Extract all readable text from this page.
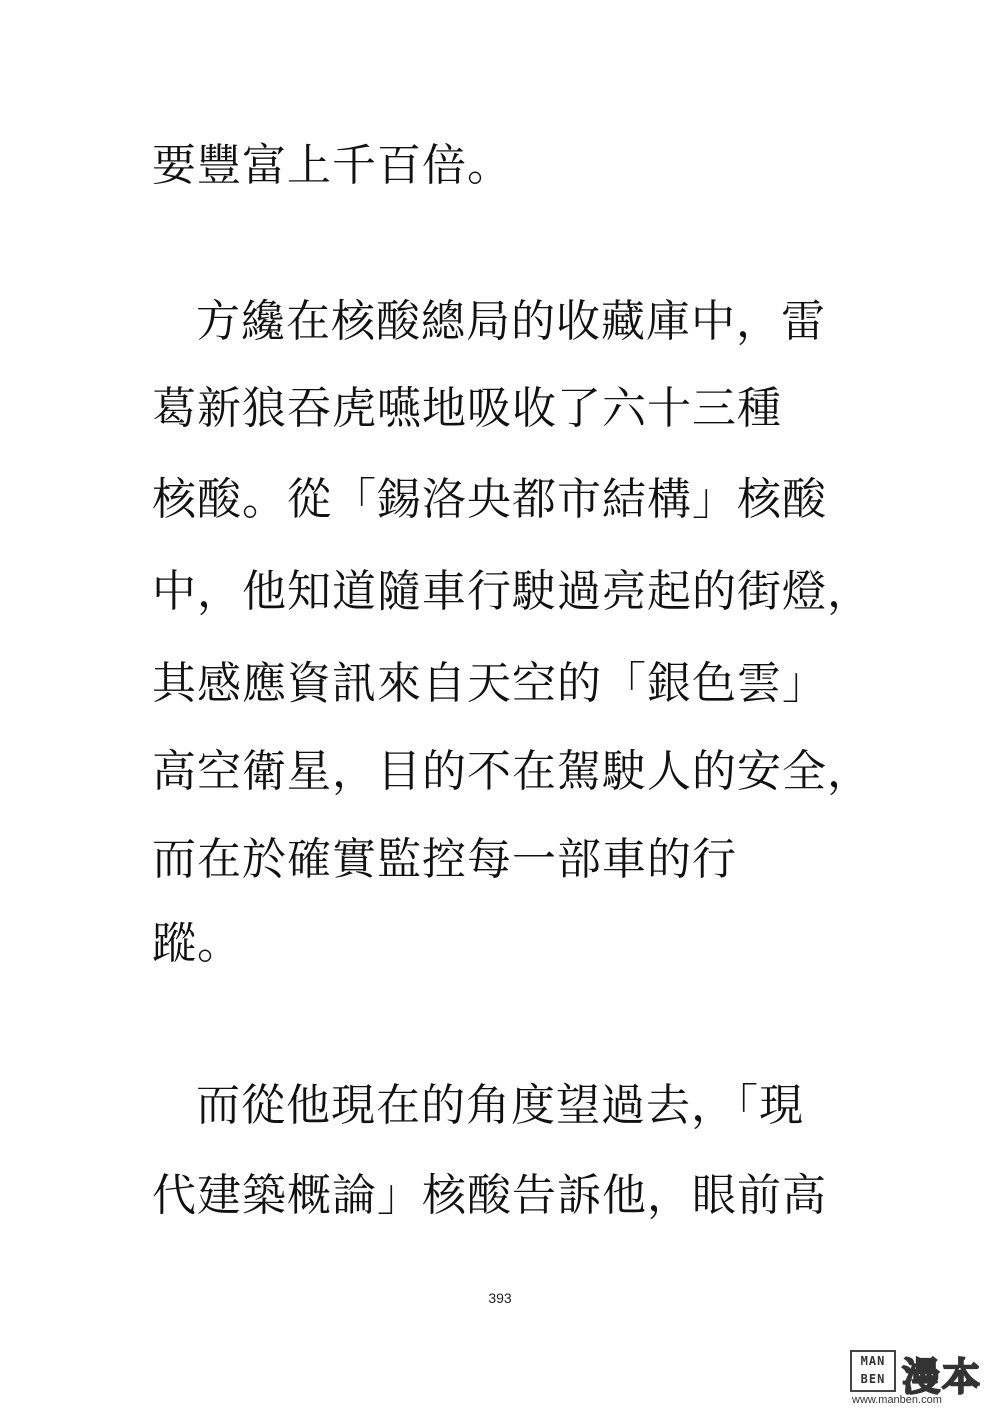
要豐富上千百倍。
方纔在核酸總局的收藏庫中，雷
葛新狼吞虎嚥地吸收了六十三種
核酸。從「錫洛央都市結構」核酸
中，他知道隨車行駛過亮起的街燈，
其感應資訊來自天空的「銀色雲」
高空衛星，目的不在駕駛人的安全，
而在於確實監控每一部車的行
蹤。
而從他現在的角度望過去，「現
代建築概論」核酸告訴他，眼前高
393
MAN
BEN 漫本
www.manben.com
